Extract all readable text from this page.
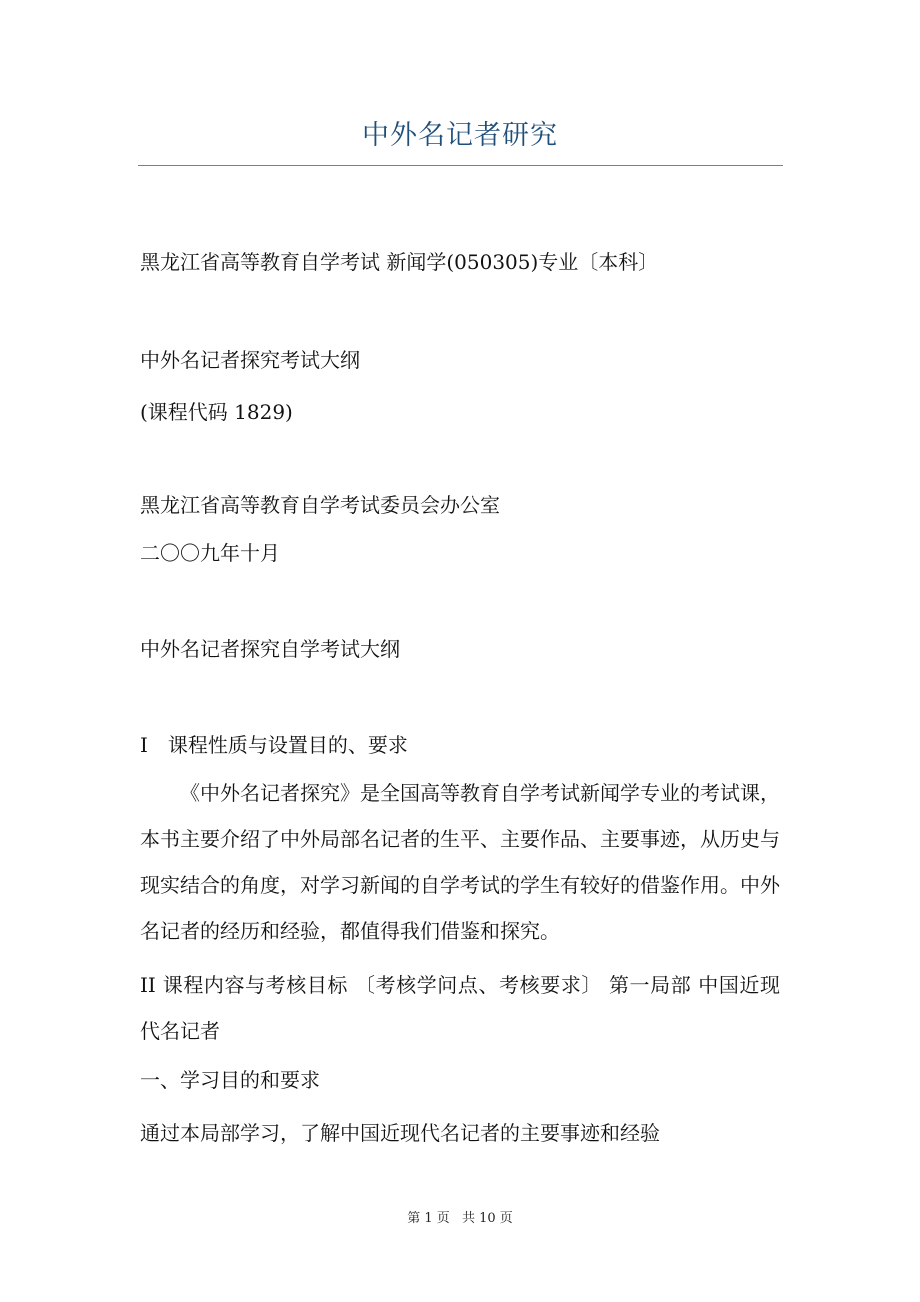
中外名记者研究

黑龙江省高等教育自学考试 新闻学(050305)专业〔本科〕

中外名记者探究考试大纲

(课程代码 1829)

黑龙江省高等教育自学考试委员会办公室

二〇〇九年十月

中外名记者探究自学考试大纲

I　课程性质与设置目的、要求

《中外名记者探究》是全国高等教育自学考试新闻学专业的考试课，本书主要介绍了中外局部名记者的生平、主要作品、主要事迹，从历史与现实结合的角度，对学习新闻的自学考试的学生有较好的借鉴作用。中外名记者的经历和经验，都值得我们借鉴和探究。

II 课程内容与考核目标 〔考核学问点、考核要求〕 第一局部 中国近现代名记者

一、学习目的和要求

通过本局部学习，了解中国近现代名记者的主要事迹和经验

第 1 页 共 10 页
